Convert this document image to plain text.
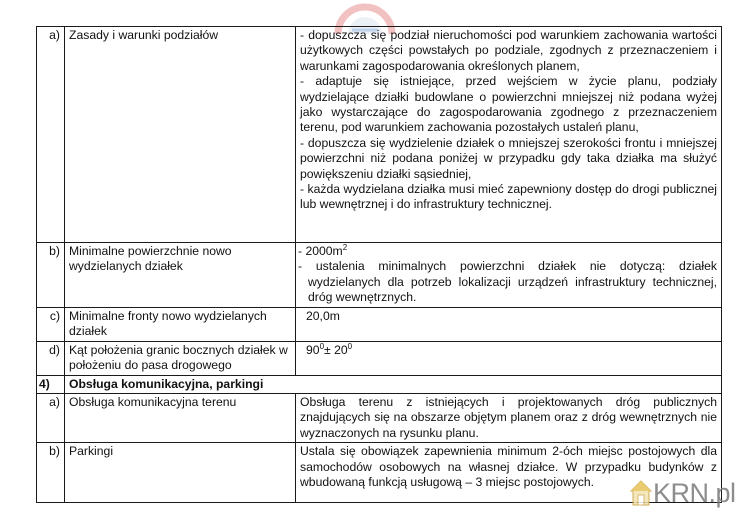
a)	Zasady i warunki podziałów	- dopuszcza się podział nieruchomości pod warunkiem zachowania wartości użytkowych części powstałych po podziale, zgodnych z przeznaczeniem i warunkami zagospodarowania określonych planem,
- adaptuje się istniejące, przed wejściem w życie planu, podziały wydzielające działki budowlane o powierzchni mniejszej niż podana wyżej jako wystarczające do zagospodarowania zgodnego z przeznaczeniem terenu, pod warunkiem zachowania pozostałych ustaleń planu,
- dopuszcza się wydzielenie działek o mniejszej szerokości frontu i mniejszej powierzchni niż podana poniżej w przypadku gdy taka działka ma służyć powiększeniu działki sąsiedniej,
- każda wydzielana działka musi mieć zapewniony dostęp do drogi publicznej lub wewnętrznej i do infrastruktury technicznej.

b)	Minimalne powierzchnie nowo wydzielanych działek	- $2000m^2$
- ustalenia minimalnych powierzchni działek nie dotyczą: działek wydzielanych dla potrzeb lokalizacji urządzeń infrastruktury technicznej, dróg wewnętrznych.

c)	Minimalne fronty nowo wydzielanych działek	20,0m
d)	Kąt położenia granic bocznych działek w położeniu do pasa drogowego	$90^0\pm 20^0$
4)	Obsługa komunikacyjna, parkingi	
a)	Obsługa komunikacyjna terenu	Obsługa terenu z istniejących i projektowanych dróg publicznych znajdujących się na obszarze objętym planem oraz z dróg wewnętrznych nie wyznaczonych na rysunku planu.

b)	Parkingi	Ustala się obowiązek zapewnienia minimum 2-óch miejsc postojowych dla samochodów osobowych na własnej działce. W przypadku budynków z wbudowaną funkcją usługową – 3 miejsc postojowych.	KRN.pl
